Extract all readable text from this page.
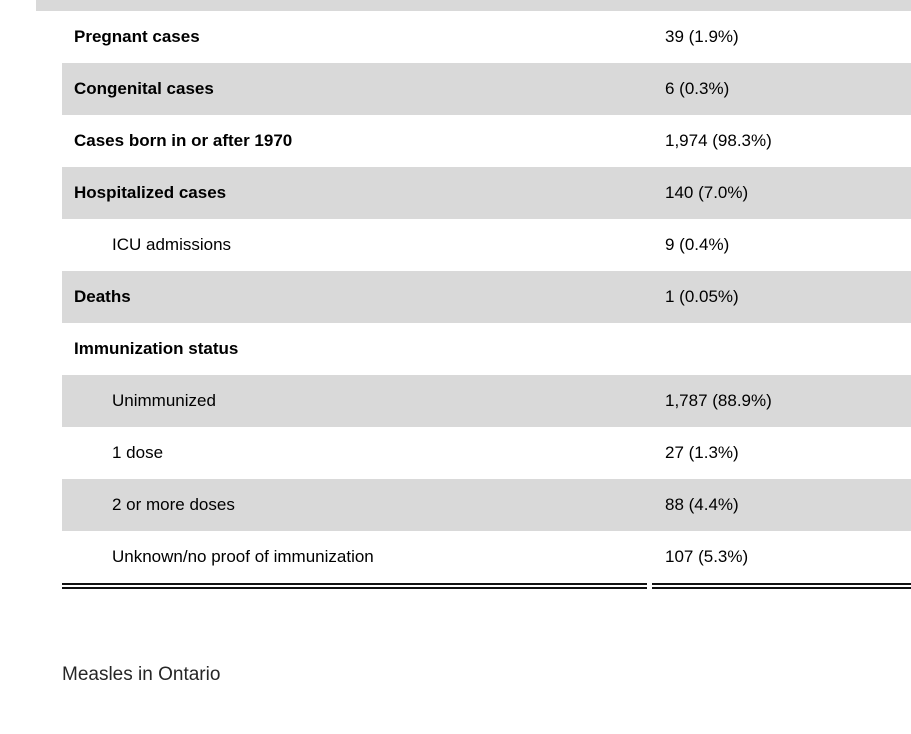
Pregnant cases	39 (1.9%)
Congenital cases	6 (0.3%)
Cases born in or after 1970	1,974 (98.3%)
Hospitalized cases	140 (7.0%)
ICU admissions	9 (0.4%)
Deaths	1 (0.05%)
Immunization status
Unimmunized	1,787 (88.9%)
1 dose	27 (1.3%)
2 or more doses	88 (4.4%)
Unknown/no proof of immunization	107 (5.3%)
Measles in Ontario
